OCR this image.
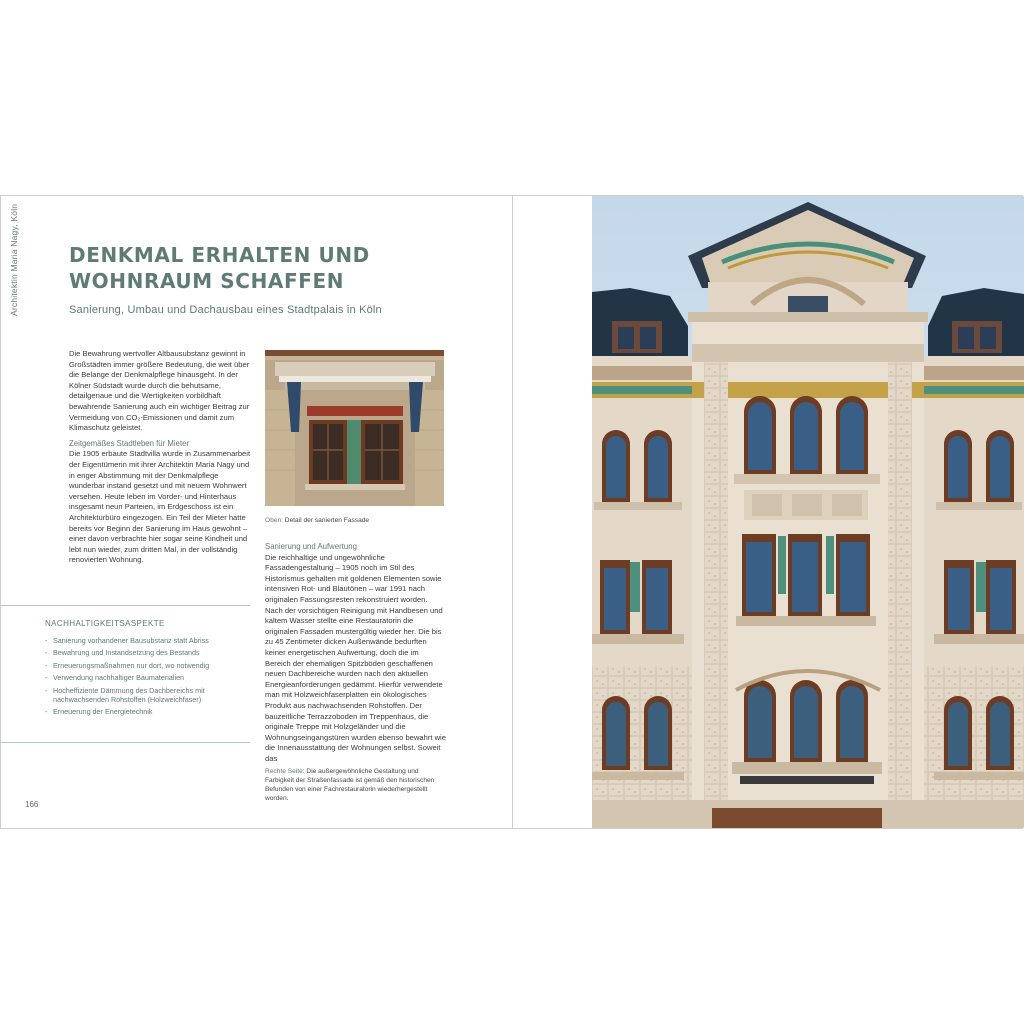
Architektin Maria Nagy, Köln	DENKMAL ERHALTEN UND
WOHNRAUM SCHAFFEN
Sanierung, Umbau und Dachausbau eines Stadtpalais in Köln

Die Bewahrung wertvoller Altbausubstanz gewinnt in Großstädten immer größere Bedeutung, die weit über die Belange der Denkmalpflege hinausgeht. In der Kölner Südstadt wurde durch die behutsame, detailgenaue und die Wertigkeiten vorbildhaft bewahrende Sanierung auch ein wichtiger Beitrag zur Vermeidung von CO₂-Emissionen und damit zum Klimaschutz geleistet.

Zeitgemäßes Stadtleben für Mieter

Die 1905 erbaute Stadtvilla wurde in Zusammenarbeit der Eigentümerin mit ihrer Architektin Maria Nagy und in enger Abstimmung mit der Denkmalpflege wunderbar instand gesetzt und mit neuem Wohnwert versehen. Heute leben im Vorder- und Hinterhaus insgesamt neun Parteien, im Erdgeschoss ist ein Architekturbüro eingezogen. Ein Teil der Mieter hatte bereits vor Beginn der Sanierung im Haus gewohnt – einer davon verbrachte hier sogar seine Kindheit und lebt nun wieder, zum dritten Mal, in der vollständig renovierten Wohnung.

Oben: Detail der sanierten Fassade
Sanierung und Aufwertung

Die reichhaltige und ungewöhnliche Fassadengestaltung – 1905 noch im Stil des Historismus gehalten mit goldenen Elementen sowie intensiven Rot- und Blautönen – war 1991 nach originalen Fassungsresten rekonstruiert worden. Nach der vorsichtigen Reinigung mit Handbesen und kaltem Wasser stellte eine Restauratorin die originalen Fassaden mustergültig wieder her. Die bis zu 45 Zentimeter dicken Außenwände bedurften keiner energetischen Aufwertung, doch die im Bereich der ehemaligen Spitzböden geschaffenen neuen Dachbereiche wurden nach den aktuellen Energieanforderungen gedämmt. Hierfür verwendete man mit Holzweichfaserplatten ein ökologisches Produkt aus nachwachsenden Rohstoffen. Der bauzeitliche Terrazzoboden im Treppenhaus, die originale Treppe mit Holzgeländer und die Wohnungseingangstüren wurden ebenso bewahrt wie die Innenausstattung der Wohnungen selbst. Soweit das

Rechte Seite: Die außergewöhnliche Gestaltung und Farbigkeit der Straßenfassade ist gemäß den historischen Befunden von einer Fachrestauratorin wiederhergestellt worden.
NACHHALTIGKEITSASPEKTE
- Sanierung vorhandener Bausubstanz statt Abriss
- Bewahrung und Instandsetzung des Bestands
- Erneuerungsmaßnahmen nur dort, wo notwendig
- Verwendung nachhaltiger Baumaterialien
- Hocheffiziente Dämmung des Dachbereichs mit nachwachsenden Rohstoffen (Holzweichfaser)
- Erneuerung der Energietechnik
166
